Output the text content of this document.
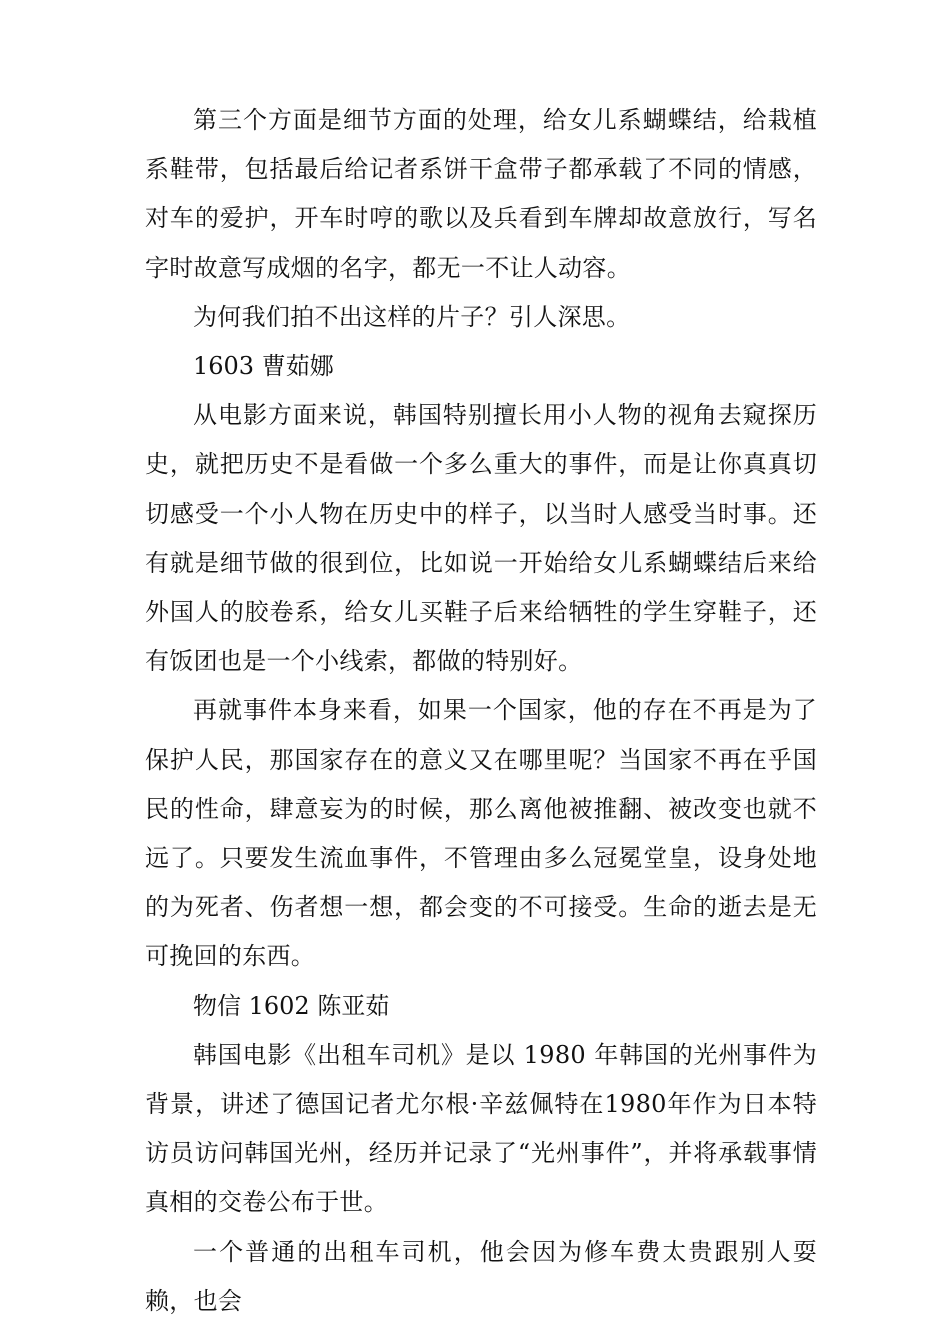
第三个方面是细节方面的处理，给女儿系蝴蝶结，给栽植系鞋带，包括最后给记者系饼干盒带子都承载了不同的情感，对车的爱护，开车时哼的歌以及兵看到车牌却故意放行，写名字时故意写成烟的名字，都无一不让人动容。

为何我们拍不出这样的片子？引人深思。

1603 曹茹娜

从电影方面来说，韩国特别擅长用小人物的视角去窥探历史，就把历史不是看做一个多么重大的事件，而是让你真真切切感受一个小人物在历史中的样子，以当时人感受当时事。还有就是细节做的很到位，比如说一开始给女儿系蝴蝶结后来给外国人的胶卷系，给女儿买鞋子后来给牺牲的学生穿鞋子，还有饭团也是一个小线索，都做的特别好。

再就事件本身来看，如果一个国家，他的存在不再是为了保护人民，那国家存在的意义又在哪里呢？当国家不再在乎国民的性命，肆意妄为的时候，那么离他被推翻、被改变也就不远了。只要发生流血事件，不管理由多么冠冕堂皇，设身处地的为死者、伤者想一想，都会变的不可接受。生命的逝去是无可挽回的东西。

物信 1602 陈亚茹

韩国电影《出租车司机》是以 1980 年韩国的光州事件为背景，讲述了德国记者尤尔根·辛兹佩特在1980年作为日本特访员访问韩国光州，经历并记录了“光州事件”，并将承载事情真相的交卷公布于世。

一个普通的出租车司机，他会因为修车费太贵跟别人耍赖，也会
